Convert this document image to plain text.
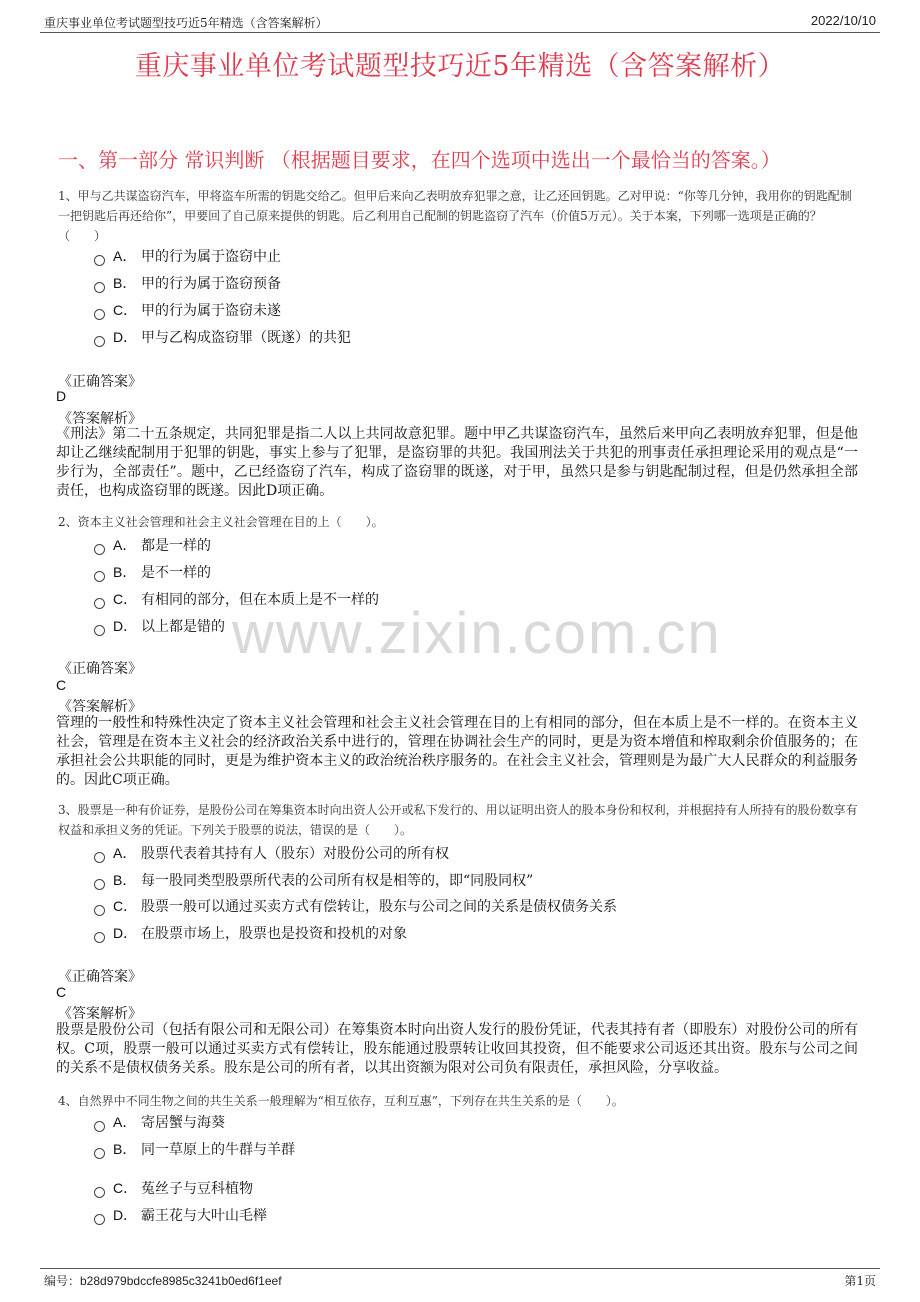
重庆事业单位考试题型技巧近5年精选（含答案解析）	2022/10/10
重庆事业单位考试题型技巧近5年精选（含答案解析）
一、第一部分 常识判断 （根据题目要求，在四个选项中选出一个最恰当的答案。）
www.zixin.com.cn
1、甲与乙共谋盗窃汽车，甲将盗车所需的钥匙交给乙。但甲后来向乙表明放弃犯罪之意，让乙还回钥匙。乙对甲说：“你等几分钟，我用你的钥匙配制一把钥匙后再还给你”，甲要回了自己原来提供的钥匙。后乙利用自己配制的钥匙盗窃了汽车（价值5万元）。关于本案，下列哪一选项是正确的？（　　）
A． 甲的行为属于盗窃中止
B． 甲的行为属于盗窃预备
C． 甲的行为属于盗窃未遂
D． 甲与乙构成盗窃罪（既遂）的共犯
《正确答案》
D
《答案解析》
《刑法》第二十五条规定，共同犯罪是指二人以上共同故意犯罪。题中甲乙共谋盗窃汽车，虽然后来甲向乙表明放弃犯罪，但是他却让乙继续配制用于犯罪的钥匙，事实上参与了犯罪，是盗窃罪的共犯。我国刑法关于共犯的刑事责任承担理论采用的观点是“一步行为，全部责任”。题中，乙已经盗窃了汽车，构成了盗窃罪的既遂，对于甲，虽然只是参与钥匙配制过程，但是仍然承担全部责任，也构成盗窃罪的既遂。因此D项正确。
2、资本主义社会管理和社会主义社会管理在目的上（　　）。
A． 都是一样的
B． 是不一样的
C． 有相同的部分，但在本质上是不一样的
D． 以上都是错的
《正确答案》
C
《答案解析》
管理的一般性和特殊性决定了资本主义社会管理和社会主义社会管理在目的上有相同的部分，但在本质上是不一样的。在资本主义社会，管理是在资本主义社会的经济政治关系中进行的，管理在协调社会生产的同时，更是为资本增值和榨取剩余价值服务的；在承担社会公共职能的同时，更是为维护资本主义的政治统治秩序服务的。在社会主义社会，管理则是为最广大人民群众的利益服务的。因此C项正确。
3、股票是一种有价证券，是股份公司在筹集资本时向出资人公开或私下发行的、用以证明出资人的股本身份和权利，并根据持有人所持有的股份数享有权益和承担义务的凭证。下列关于股票的说法，错误的是（　　）。
A． 股票代表着其持有人（股东）对股份公司的所有权
B． 每一股同类型股票所代表的公司所有权是相等的，即“同股同权”
C． 股票一般可以通过买卖方式有偿转让，股东与公司之间的关系是债权债务关系
D． 在股票市场上，股票也是投资和投机的对象
《正确答案》
C
《答案解析》
股票是股份公司（包括有限公司和无限公司）在筹集资本时向出资人发行的股份凭证，代表其持有者（即股东）对股份公司的所有权。C项，股票一般可以通过买卖方式有偿转让，股东能通过股票转让收回其投资，但不能要求公司返还其出资。股东与公司之间的关系不是债权债务关系。股东是公司的所有者，以其出资额为限对公司负有限责任，承担风险，分享收益。
4、自然界中不同生物之间的共生关系一般理解为“相互依存，互利互惠”，下列存在共生关系的是（　　）。
A． 寄居蟹与海葵
B． 同一草原上的牛群与羊群
C． 菟丝子与豆科植物
D． 霸王花与大叶山毛榉
编号：b28d979bdccfe8985c3241b0ed6f1eef	第1页
